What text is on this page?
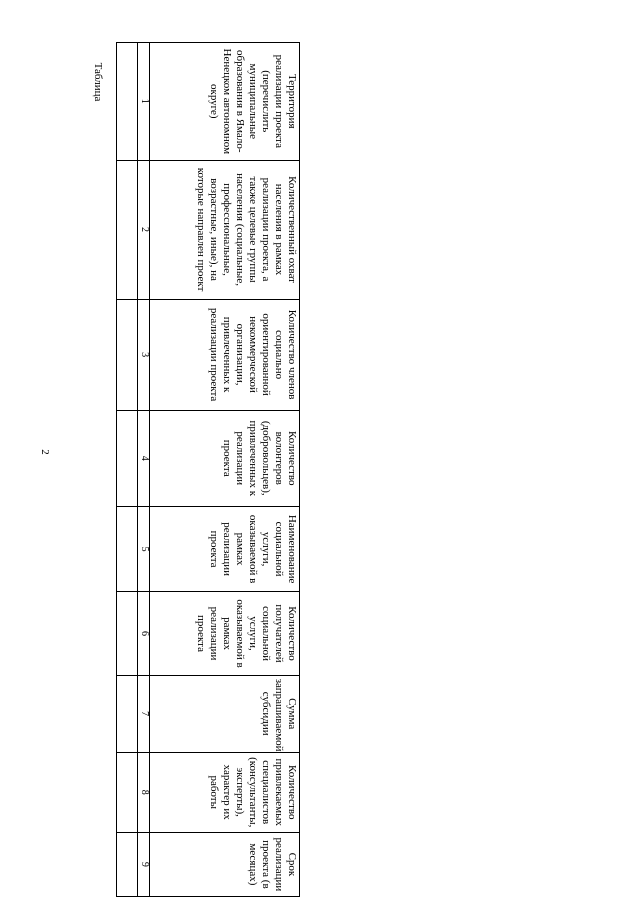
2
Таблица	Территория реализации проекта (перечислить муниципальные образования в Ямало-Ненецком автономном округе)	Количественный охват населения в рамках реализации проекта, а также целевые группы населения (социальные, профессиональные, возрастные, иные), на которые направлен проект	Количество членов социально ориентированной некоммерческой организации, привлеченных к реализации проекта	Количество волонтеров (добровольцев), привлеченных к реализации проекта	Наименование социальной услуги, оказываемой в рамках реализации проекта	Количество получателей социальной услуги, оказываемой в рамках реализации проекта	Сумма запрашиваемой субсидии	Количество привлекаемых специалистов (консультанты, эксперты), характер их работы	Срок реализации проекта (в месяцах)
1	2	3	4	5	6	7	8	9
